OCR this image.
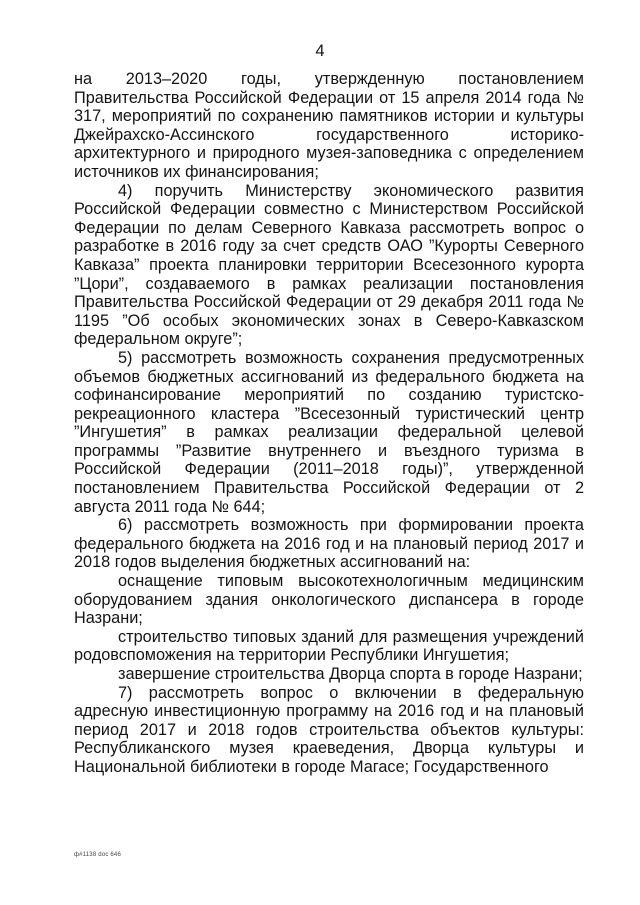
4

на 2013–2020 годы, утвержденную постановлением Правительства Российской Федерации от 15 апреля 2014 года № 317, мероприятий по сохранению памятников истории и культуры Джейрахско-Ассинского государственного историко-архитектурного и природного музея-заповедника с определением источников их финансирования;

4) поручить Министерству экономического развития Российской Федерации совместно с Министерством Российской Федерации по делам Северного Кавказа рассмотреть вопрос о разработке в 2016 году за счет средств ОАО ”Курорты Северного Кавказа” проекта планировки территории Всесезонного курорта ”Цори”, создаваемого в рамках реализации постановления Правительства Российской Федерации от 29 декабря 2011 года № 1195 ”Об особых экономических зонах в Северо-Кавказском федеральном округе”;

5) рассмотреть возможность сохранения предусмотренных объемов бюджетных ассигнований из федерального бюджета на софинансирование мероприятий по созданию туристско-рекреационного кластера ”Всесезонный туристический центр ”Ингушетия” в рамках реализации федеральной целевой программы ”Развитие внутреннего и въездного туризма в Российской Федерации (2011–2018 годы)”, утвержденной постановлением Правительства Российской Федерации от 2 августа 2011 года № 644;

6) рассмотреть возможность при формировании проекта федерального бюджета на 2016 год и на плановый период 2017 и 2018 годов выделения бюджетных ассигнований на:

оснащение типовым высокотехнологичным медицинским оборудованием здания онкологического диспансера в городе Назрани;

строительство типовых зданий для размещения учреждений родовспоможения на территории Республики Ингушетия;

завершение строительства Дворца спорта в городе Назрани;

7) рассмотреть вопрос о включении в федеральную адресную инвестиционную программу на 2016 год и на плановый период 2017 и 2018 годов строительства объектов культуры: Республиканского музея краеведения, Дворца культуры и Национальной библиотеки в городе Магасе; Государственного

ф#1138 doc 646
